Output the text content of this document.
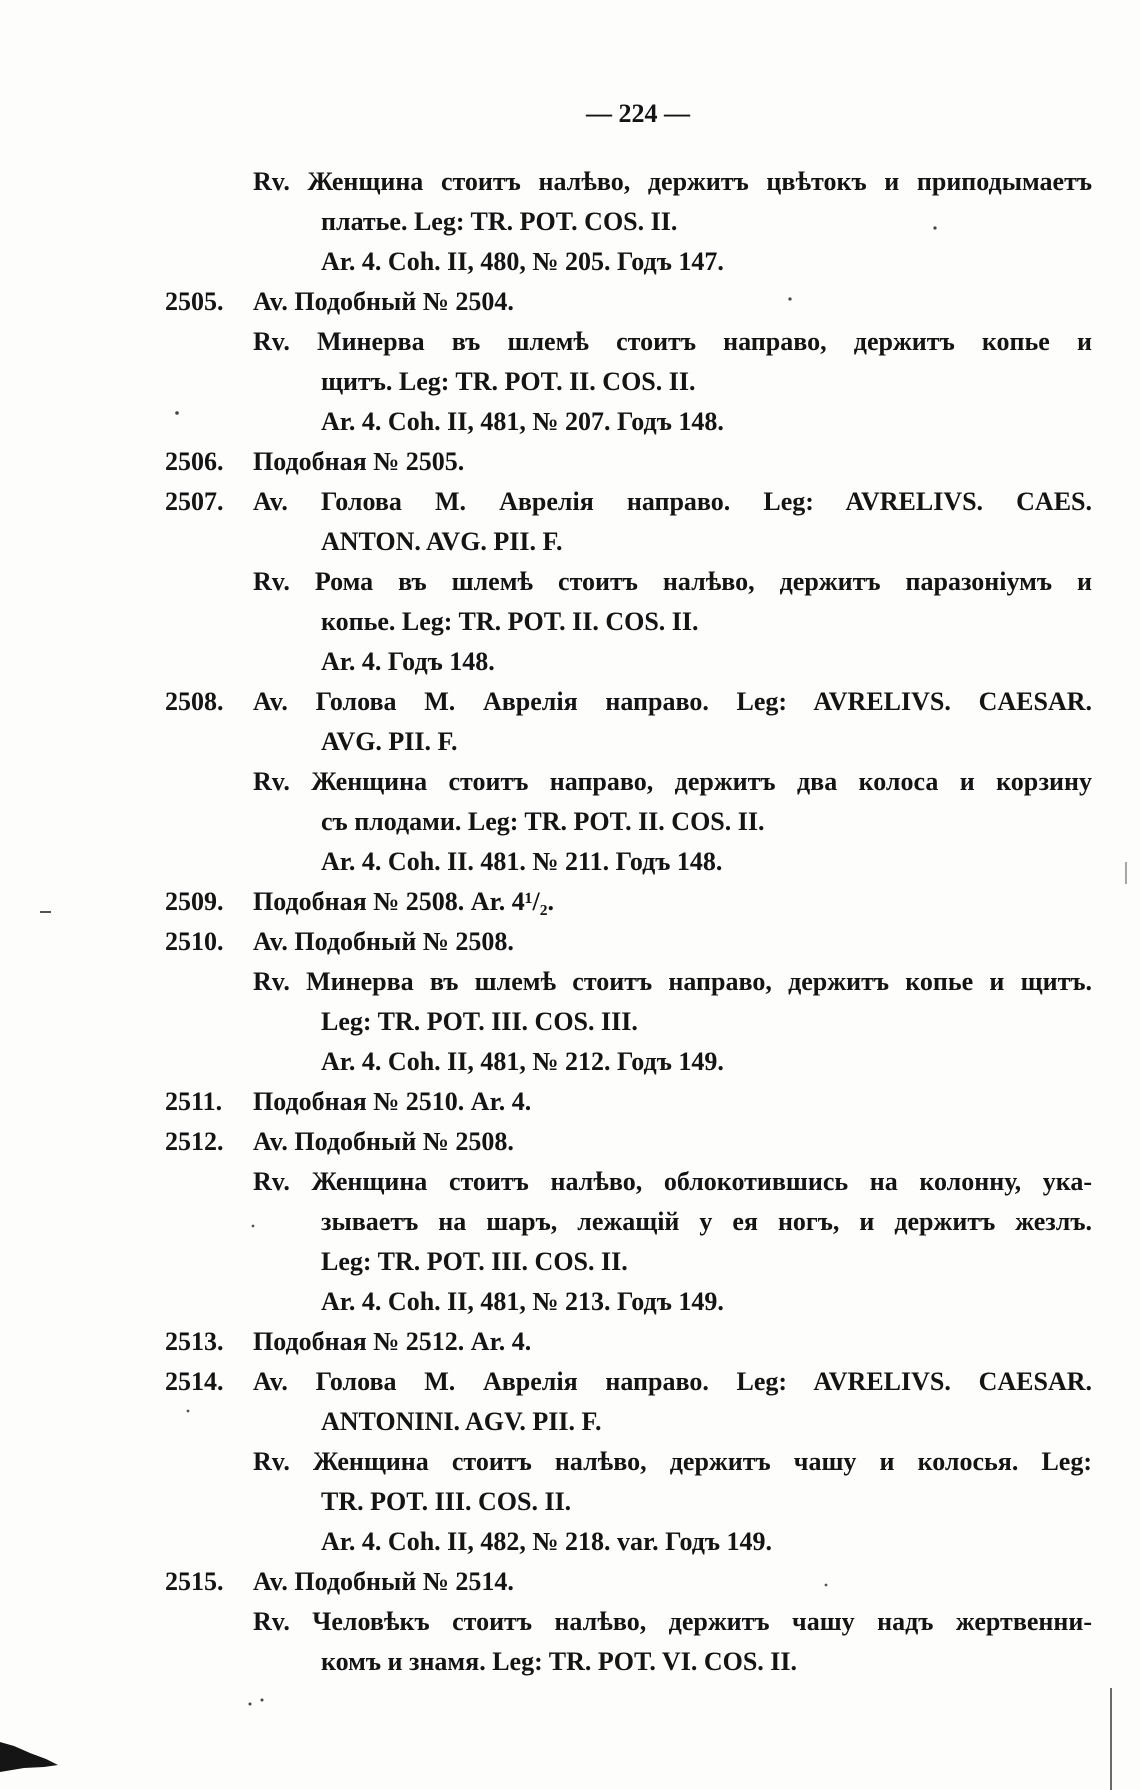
— 224 —
Rv. Женщина стоитъ налѣво, держитъ цвѣтокъ и приподымаетъ
платье. Leg: TR. POT. COS. II.
Ar. 4. Coh. II, 480, № 205. Годъ 147.
2505. Av. Подобный № 2504.
Rv. Минерва въ шлемѣ стоитъ направо, держитъ копье и
щитъ. Leg: TR. POT. II. COS. II.
Ar. 4. Coh. II, 481, № 207. Годъ 148.
2506. Подобная № 2505.
2507. Av. Голова М. Аврелія направо. Leg: AVRELIVS. CAES.
ANTON. AVG. PII. F.
Rv. Рома въ шлемѣ стоитъ налѣво, держитъ паразоніумъ и
копье. Leg: TR. POT. II. COS. II.
Ar. 4. Годъ 148.
2508. Av. Голова М. Аврелія направо. Leg: AVRELIVS. CAESAR.
AVG. PII. F.
Rv. Женщина стоитъ направо, держитъ два колоса и корзину
съ плодами. Leg: TR. POT. II. COS. II.
Ar. 4. Coh. II. 481. № 211. Годъ 148.
2509. Подобная № 2508. Ar. 4¹/₂.
2510. Av. Подобный № 2508.
Rv. Минерва въ шлемѣ стоитъ направо, держитъ копье и щитъ.
Leg: TR. POT. III. COS. III.
Ar. 4. Coh. II, 481, № 212. Годъ 149.
2511. Подобная № 2510. Ar. 4.
2512. Av. Подобный № 2508.
Rv. Женщина стоитъ налѣво, облокотившись на колонну, ука-
зываетъ на шаръ, лежащій у ея ногъ, и держитъ жезлъ.
Leg: TR. POT. III. COS. II.
Ar. 4. Coh. II, 481, № 213. Годъ 149.
2513. Подобная № 2512. Ar. 4.
2514. Av. Голова М. Аврелія направо. Leg: AVRELIVS. CAESAR.
ANTONINI. AGV. PII. F.
Rv. Женщина стоитъ налѣво, держитъ чашу и колосья. Leg:
TR. POT. III. COS. II.
Ar. 4. Coh. II, 482, № 218. var. Годъ 149.
2515. Av. Подобный № 2514.
Rv. Человѣкъ стоитъ налѣво, держитъ чашу надъ жертвенни-
комъ и знамя. Leg: TR. POT. VI. COS. II.
